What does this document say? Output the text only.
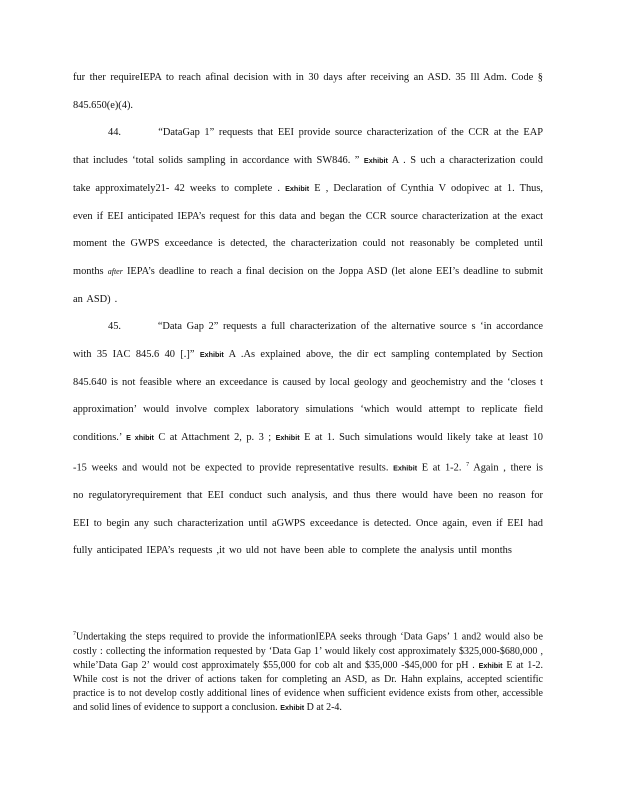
fur ther requireIEPA to reach afinal decision with in 30 days after receiving an ASD. 35 Ill Adm. Code § 845.650(e)(4).

44.	“DataGap 1” requests that EEI provide source characterization of the CCR at the EAP that includes ‘total solids sampling in accordance with SW846. ” Exhibit A . S uch a characterization could take approximately21- 42 weeks to complete . Exhibit E , Declaration of Cynthia V odopivec at 1. Thus, even if EEI anticipated IEPA’s request for this data and began the CCR source characterization at the exact moment the GWPS exceedance is detected, the characterization could not reasonably be completed until months after IEPA’s deadline to reach a final decision on the Joppa ASD (let alone EEI’s deadline to submit an ASD) .

45.	“Data Gap 2” requests a full characterization of the alternative source s ‘in accordance with 35 IAC 845.6 40 [.]” Exhibit A .As explained above, the dir ect sampling contemplated by Section 845.640 is not feasible where an exceedance is caused by local geology and geochemistry and the ‘closes t approximation’ would involve complex laboratory simulations ‘which would attempt to replicate field conditions.’ E xhibit C at Attachment 2, p. 3 ; Exhibit E at 1. Such simulations would likely take at least 10 -15 weeks and would not be expected to provide representative results. Exhibit E at 1-2. $^7$ Again , there is no regulatoryrequirement that EEI conduct such analysis, and thus there would have been no reason for EEI to begin any such characterization until aGWPS exceedance is detected. Once again, even if EEI had fully anticipated IEPA’s requests ,it wo uld not have been able to complete the analysis until months

$^7$Undertaking the steps required to provide the informationIEPA seeks through ‘Data Gaps’ 1 and2 would also be costly : collecting the information requested by ‘Data Gap 1’ would likely cost approximately $325,000-$680,000 , while’Data Gap 2’ would cost approximately $55,000 for cob alt and $35,000 -$45,000 for pH . Exhibit E at 1-2. While cost is not the driver of actions taken for completing an ASD, as Dr. Hahn explains, accepted scientific practice is to not develop costly additional lines of evidence when sufficient evidence exists from other, accessible and solid lines of evidence to support a conclusion. Exhibit D at 2-4.
